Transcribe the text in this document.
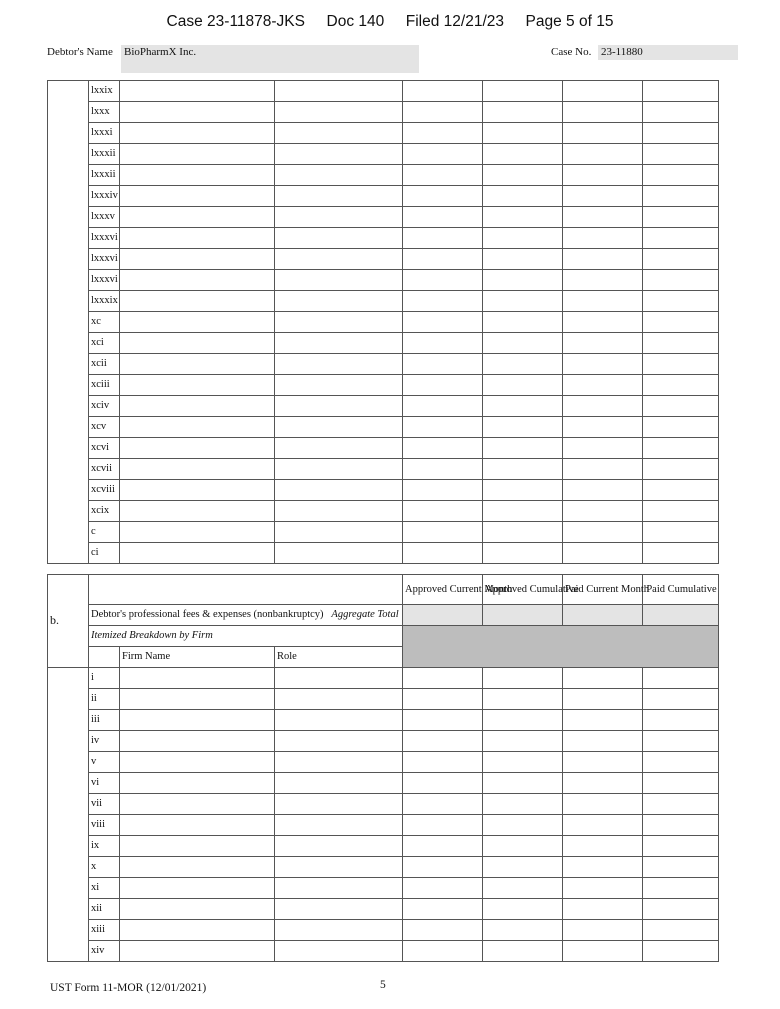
Case 23-11878-JKS     Doc 140     Filed 12/21/23     Page 5 of 15
Debtor's Name BioPharmX Inc.	Case No. 23-11880
	lxxix						
	lxxx						
	lxxxi						
	lxxxii						
	lxxxii						
	lxxxiv						
	lxxxv						
	lxxxvi						
	lxxxvi						
	lxxxvi						
	lxxxix						
	xc						
	xci						
	xcii						
	xciii						
	xciv						
	xcv						
	xcvi						
	xcvii						
	xcviii						
	xcix						
	c						
	ci						
b.				Approved Current Month	Approved Cumulative	Paid Current Month	Paid Cumulative
	Debtor's professional fees & expenses (nonbankruptcy) Aggregate Total						
	Itemized Breakdown by Firm						
		Firm Name	Role				
	i						
	ii						
	iii						
	iv						
	v						
	vi						
	vii						
	viii						
	ix						
	x						
	xi						
	xii						
	xiii						
	xiv						
UST Form 11-MOR (12/01/2021)	5
